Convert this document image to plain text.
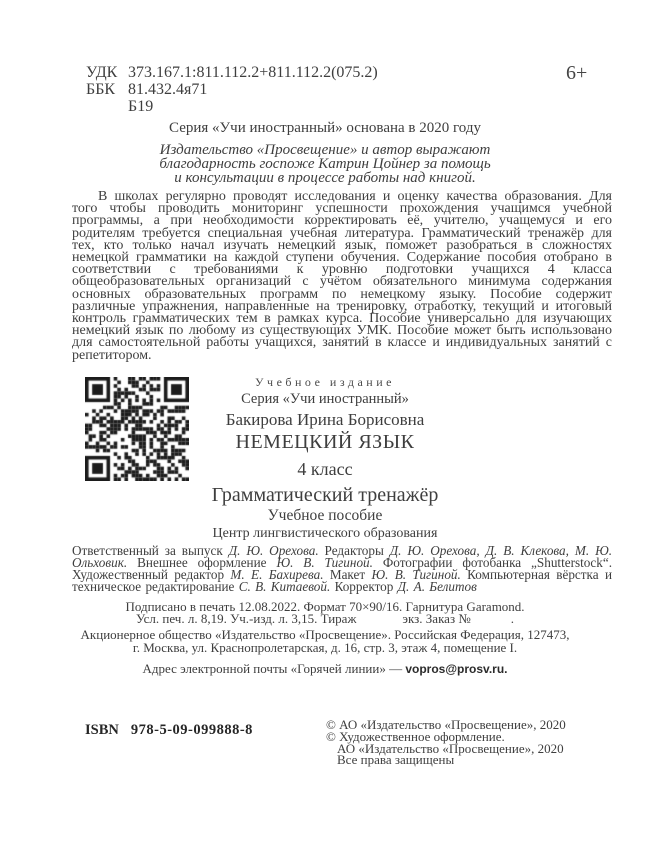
УДК 373.167.1:811.112.2+811.112.2(075.2)
ББК 81.432.4я71
Б19
6+
Серия «Учи иностранный» основана в 2020 году
Издательство «Просвещение» и автор выражают
благодарность госпоже Катрин Цойнер за помощь
и консультации в процессе работы над книгой.

В школах регулярно проводят исследования и оценку качества образования. Для того чтобы проводить мониторинг успешности прохождения учащимся учебной программы, а при необходимости корректировать её, учителю, учащемуся и его родителям требуется специальная учебная литература. Грамматический тренажёр для тех, кто только начал изучать немецкий язык, поможет разобраться в сложностях немецкой грамматики на каждой ступени обучения. Содержание пособия отобрано в соответствии с требованиями к уровню подготовки учащихся 4 класса общеобразовательных организаций с учётом обязательного минимума содержания основных образовательных программ по немецкому языку. Пособие содержит различные упражнения, направленные на тренировку, отработку, текущий и итоговый контроль грамматических тем в рамках курса. Пособие универсально для изучающих немецкий язык по любому из существующих УМК. Пособие может быть использовано для самостоятельной работы учащихся, занятий в классе и индивидуальных занятий с репетитором.

Учебное издание
Серия «Учи иностранный»
Бакирова Ирина Борисовна
НЕМЕЦКИЙ ЯЗЫК
4 класс
Грамматический тренажёр
Учебное пособие
Центр лингвистического образования

Ответственный за выпуск Д. Ю. Орехова. Редакторы Д. Ю. Орехова, Д. В. Клекова, М. Ю. Ольховик. Внешнее оформление Ю. В. Тигиной. Фотографии фотобанка „Shutterstock“. Художественный редактор М. Е. Бахирева. Макет Ю. В. Тигиной. Компьютерная вёрстка и техническое редактирование С. В. Китаевой. Корректор Д. А. Белитов

Подписано в печать 12.08.2022. Формат 70×90/16. Гарнитура Garamond.
Усл. печ. л. 8,19. Уч.-изд. л. 3,15. Тираж	экз. Заказ №	.
Акционерное общество «Издательство «Просвещение». Российская Федерация, 127473,
г. Москва, ул. Краснопролетарская, д. 16, стр. 3, этаж 4, помещение I.
Адрес электронной почты «Горячей линии» — vopros@prosv.ru.
ISBN 978-5-09-099888-8	© АО «Издательство «Просвещение», 2020
© Художественное оформление.
АО «Издательство «Просвещение», 2020
Все права защищены
